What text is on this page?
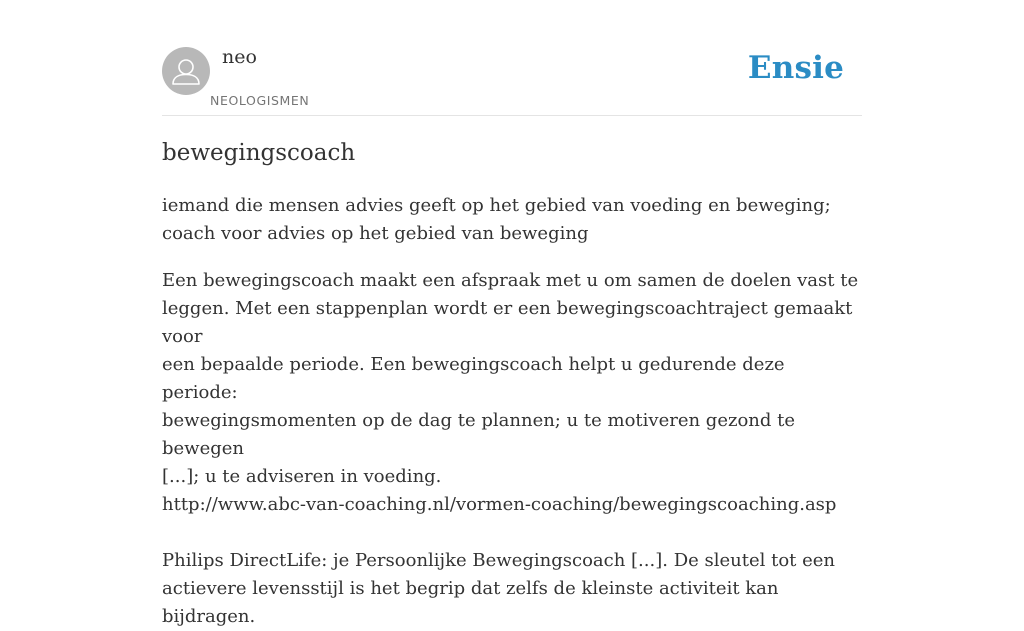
neo
NEOLOGISMEN
Ensie
bewegingscoach

iemand die mensen advies geeft op het gebied van voeding en beweging; coach voor advies op het gebied van beweging

Een bewegingscoach maakt een afspraak met u om samen de doelen vast te
leggen. Met een stappenplan wordt er een bewegingscoachtraject gemaakt voor
een bepaalde periode. Een bewegingscoach helpt u gedurende deze periode:
bewegingsmomenten op de dag te plannen; u te motiveren gezond te bewegen
[...]; u te adviseren in voeding.
http://www.abc-van-coaching.nl/vormen-coaching/bewegingscoaching.asp
Philips DirectLife: je Persoonlijke Bewegingscoach [...]. De sleutel tot een
actievere levensstijl is het begrip dat zelfs de kleinste activiteit kan bijdragen.
